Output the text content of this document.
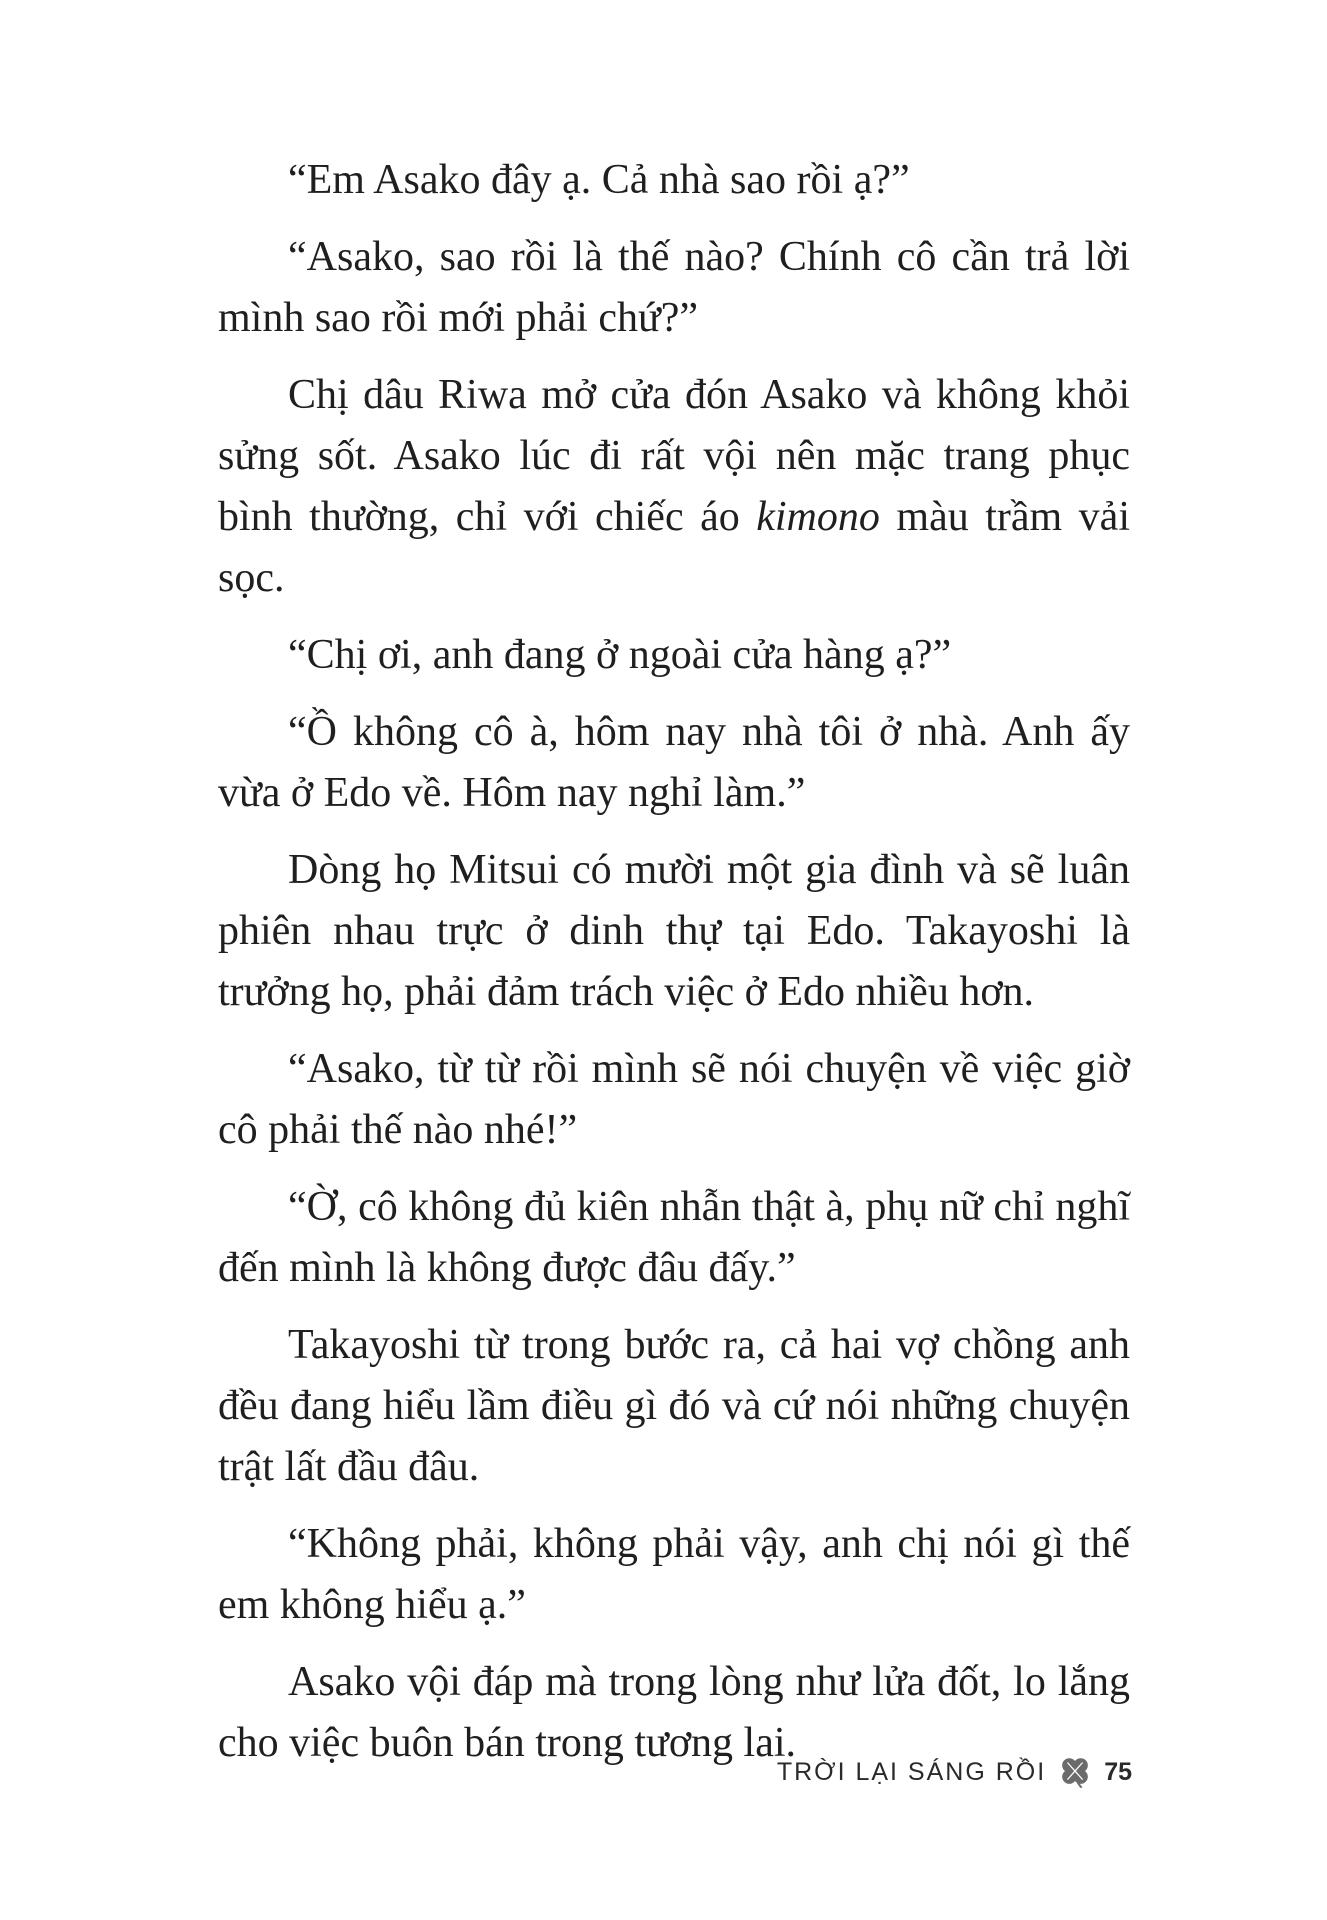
“Em Asako đây ạ. Cả nhà sao rồi ạ?”

“Asako, sao rồi là thế nào? Chính cô cần trả lời mình sao rồi mới phải chứ?”

Chị dâu Riwa mở cửa đón Asako và không khỏi sửng sốt. Asako lúc đi rất vội nên mặc trang phục bình thường, chỉ với chiếc áo kimono màu trầm vải sọc.

“Chị ơi, anh đang ở ngoài cửa hàng ạ?”

“Ồ không cô à, hôm nay nhà tôi ở nhà. Anh ấy vừa ở Edo về. Hôm nay nghỉ làm.”

Dòng họ Mitsui có mười một gia đình và sẽ luân phiên nhau trực ở dinh thự tại Edo. Takayoshi là trưởng họ, phải đảm trách việc ở Edo nhiều hơn.

“Asako, từ từ rồi mình sẽ nói chuyện về việc giờ cô phải thế nào nhé!”

“Ờ, cô không đủ kiên nhẫn thật à, phụ nữ chỉ nghĩ đến mình là không được đâu đấy.”

Takayoshi từ trong bước ra, cả hai vợ chồng anh đều đang hiểu lầm điều gì đó và cứ nói những chuyện trật lất đầu đâu.

“Không phải, không phải vậy, anh chị nói gì thế em không hiểu ạ.”

Asako vội đáp mà trong lòng như lửa đốt, lo lắng cho việc buôn bán trong tương lai.

TRỜI LẠI SÁNG RỒI 75
